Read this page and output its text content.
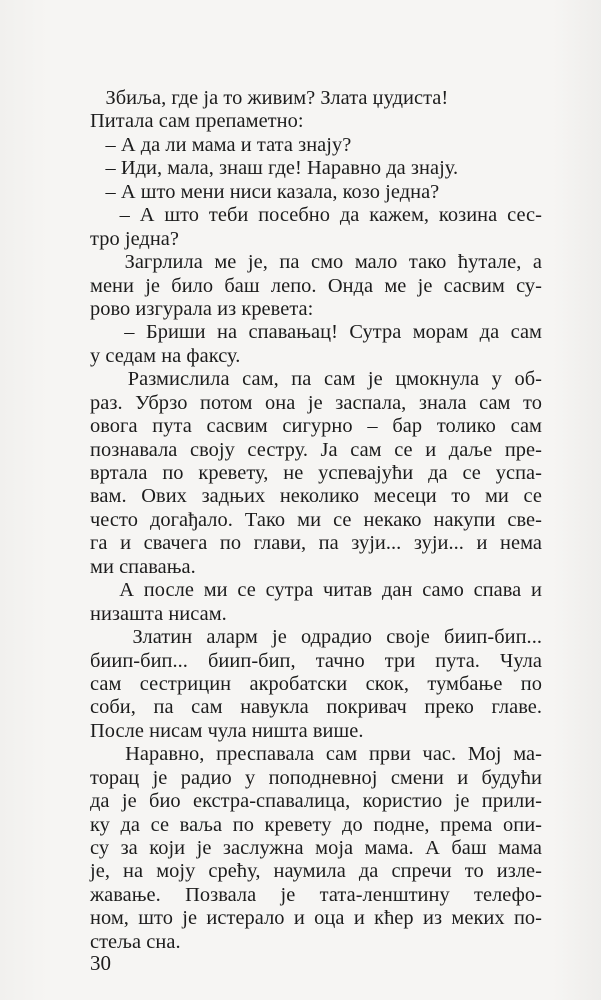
Збиља, где ја то живим? Злата џудиста!
Питала сам препаметно:
– А да ли мама и тата знају?
– Иди, мала, знаш где! Наравно да знају.
– А што мени ниси казала, козо једна?
– А што теби посебно да кажем, козина сес-
тро једна?
Загрлила ме је, па смо мало тако ћутале, а
мени је било баш лепо. Онда ме је сасвим су-
рово изгурала из кревета:
– Бриши на спавањац! Сутра морам да сам
у седам на факсу.
Размислила сам, па сам је цмокнула у об-
раз. Убрзо потом она је заспала, знала сам то
овога пута сасвим сигурно – бар толико сам
познавала своју сестру. Ја сам се и даље пре-
вртала по кревету, не успевајући да се успа-
вам. Ових задњих неколико месеци то ми се
често догађало. Тако ми се некако накупи све-
га и свачега по глави, па зуји... зуји... и нема
ми спавања.
А после ми се сутра читав дан само спава и
низашта нисам.
Златин аларм је одрадио своје биип-бип...
биип-бип... биип-бип, тачно три пута. Чула
сам сестрицин акробатски скок, тумбање по
соби, па сам навукла покривач преко главе.
После нисам чула ништа више.
Наравно, преспавала сам први час. Мој ма-
торац је радио у поподневној смени и будући
да је био екстра-спавалица, користио је прили-
ку да се ваља по кревету до подне, према опи-
су за који је заслужна моја мама. А баш мама
је, на моју срећу, наумила да спречи то излe-
жавање. Позвала је тата-ленштину телефо-
ном, што је истерало и оца и кћер из меких по-
стеља сна.
30
